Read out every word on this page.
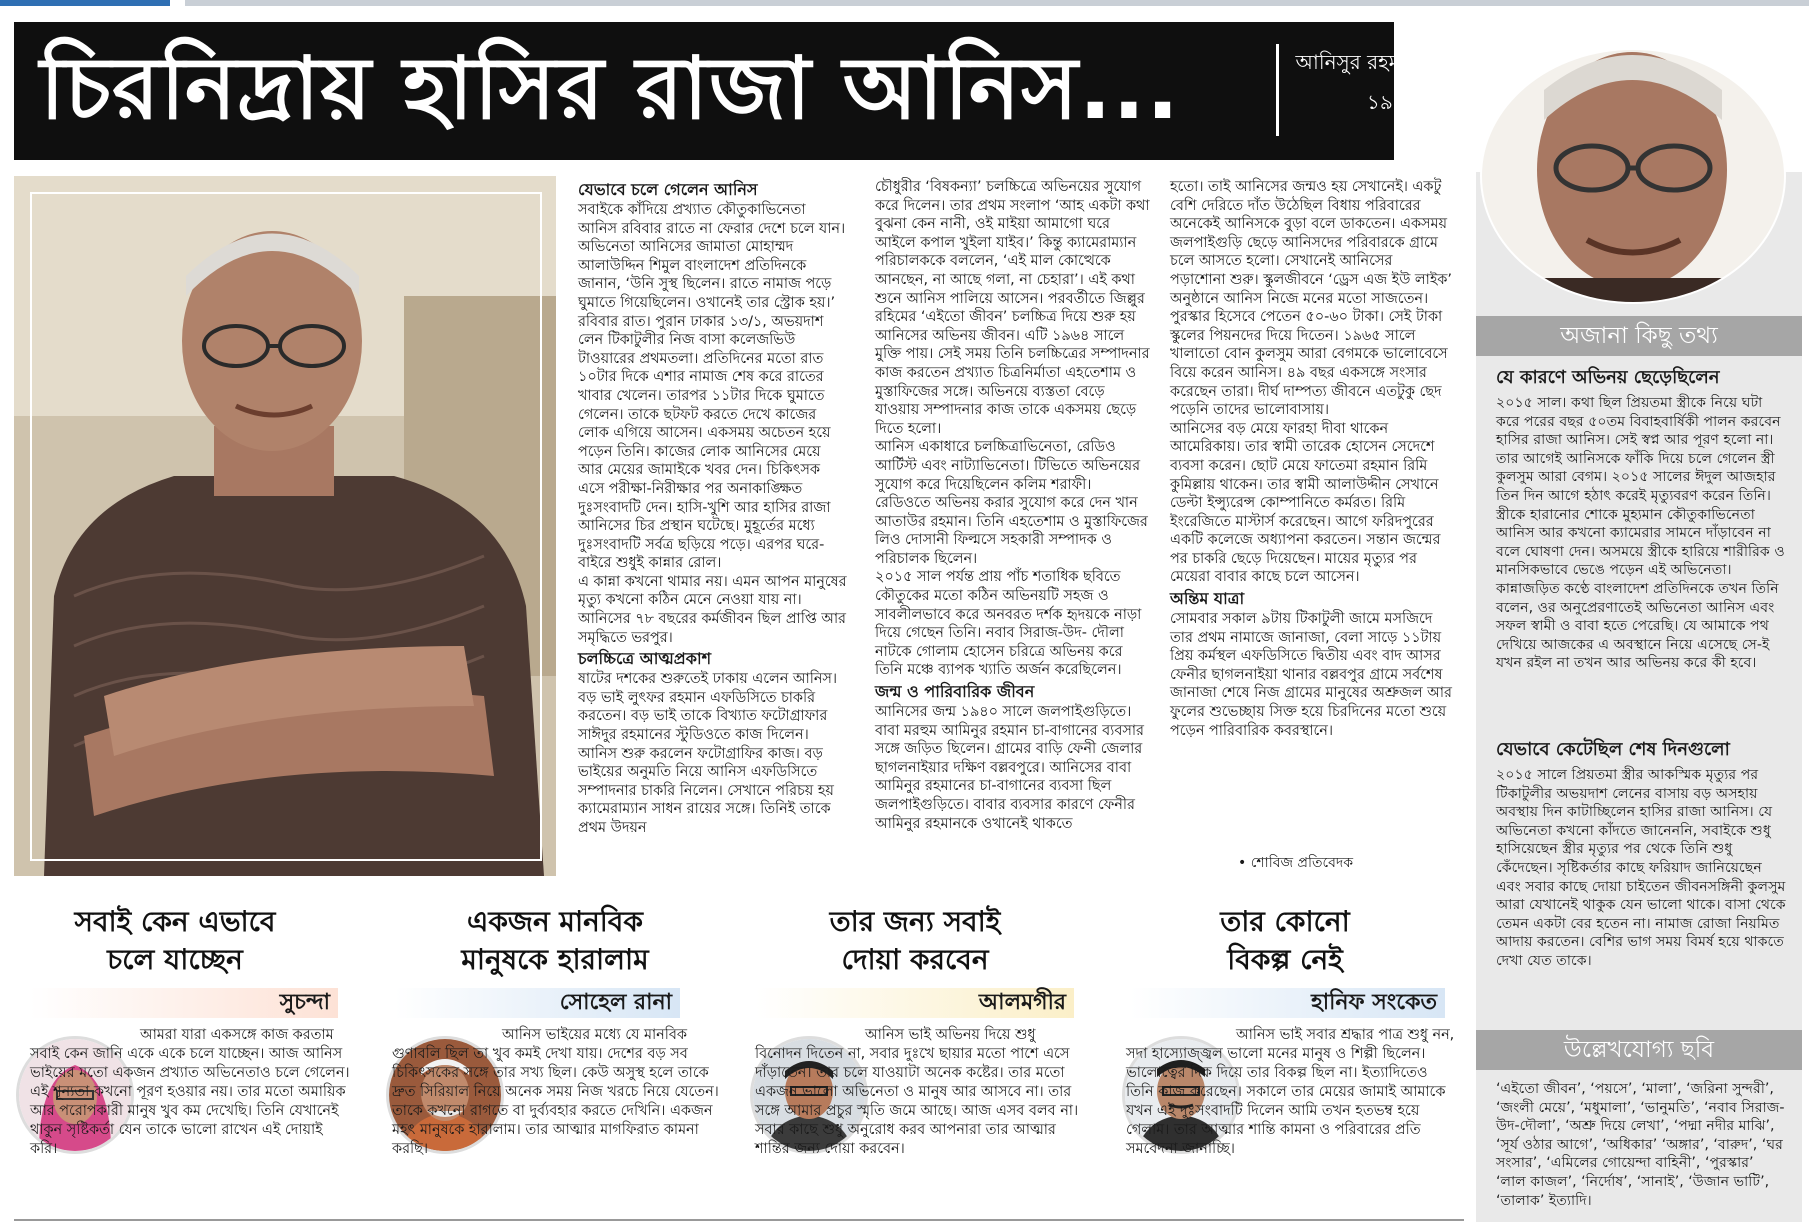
চিরনিদ্রায় হাসির রাজা আনিস...	আনিসুর রহমান আনিস
১৯৪০-২০১৯
যেভাবে চলে গেলেন আনিস

সবাইকে কাঁদিয়ে প্রখ্যাত কৌতুকাভিনেতা আনিস রবিবার রাতে না ফেরার দেশে চলে যান। অভিনেতা আনিসের জামাতা মোহাম্মদ আলাউদ্দিন শিমুল বাংলাদেশ প্রতিদিনকে জানান, ‘উনি সুস্থ ছিলেন। রাতে নামাজ পড়ে ঘুমাতে গিয়েছিলেন। ওখানেই তার স্ট্রোক হয়।’

রবিবার রাত। পুরান ঢাকার ১৩/১, অভয়দাশ লেন টিকাটুলীর নিজ বাসা কলেজভিউ টাওয়ারের প্রথমতলা। প্রতিদিনের মতো রাত ১০টার দিকে এশার নামাজ শেষ করে রাতের খাবার খেলেন। তারপর ১১টার দিকে ঘুমাতে গেলেন। তাকে ছটফট করতে দেখে কাজের লোক এগিয়ে আসেন। একসময় অচেতন হয়ে পড়েন তিনি। কাজের লোক আনিসের মেয়ে আর মেয়ের জামাইকে খবর দেন। চিকিৎসক এসে পরীক্ষা-নিরীক্ষার পর অনাকাঙ্ক্ষিত দুঃসংবাদটি দেন। হাসি-খুশি আর হাসির রাজা আনিসের চির প্রস্থান ঘটেছে। মুহূর্তের মধ্যে দুঃসংবাদটি সর্বত্র ছড়িয়ে পড়ে। এরপর ঘরে-বাইরে শুধুই কান্নার রোল।

এ কান্না কখনো থামার নয়। এমন আপন মানুষের মৃত্যু কখনো কঠিন মেনে নেওয়া যায় না। আনিসের ৭৮ বছরের কর্মজীবন ছিল প্রাপ্তি আর সমৃদ্ধিতে ভরপুর।

চলচ্চিত্রে আত্মপ্রকাশ

ষাটের দশকের শুরুতেই ঢাকায় এলেন আনিস। বড় ভাই লুৎফর রহমান এফডিসিতে চাকরি করতেন। বড় ভাই তাকে বিখ্যাত ফটোগ্রাফার সাঈদুর রহমানের স্টুডিওতে কাজ দিলেন। আনিস শুরু করলেন ফটোগ্রাফির কাজ। বড় ভাইয়ের অনুমতি নিয়ে আনিস এফডিসিতে সম্পাদনার চাকরি নিলেন। সেখানে পরিচয় হয় ক্যামেরাম্যান সাধন রায়ের সঙ্গে। তিনিই তাকে প্রথম উদয়ন

চৌধুরীর ‘বিষকন্যা’ চলচ্চিত্রে অভিনয়ের সুযোগ করে দিলেন। তার প্রথম সংলাপ ‘আহ একটা কথা বুঝনা কেন নানী, ওই মাইয়া আমাগো ঘরে আইলে কপাল খুইলা যাইব।’ কিন্তু ক্যামেরাম্যান পরিচালককে বললেন, ‘এই মাল কোত্থেকে আনছেন, না আছে গলা, না চেহারা’। এই কথা শুনে আনিস পালিয়ে আসেন। পরবর্তীতে জিল্লুর রহিমের ‘এইতো জীবন’ চলচ্চিত্র দিয়ে শুরু হয় আনিসের অভিনয় জীবন। এটি ১৯৬৪ সালে মুক্তি পায়। সেই সময় তিনি চলচ্চিত্রের সম্পাদনার কাজ করতেন প্রখ্যাত চিত্রনির্মাতা এহতেশাম ও মুস্তাফিজের সঙ্গে। অভিনয়ে ব্যস্ততা বেড়ে যাওয়ায় সম্পাদনার কাজ তাকে একসময় ছেড়ে দিতে হলো।

আনিস একাধারে চলচ্চিত্রাভিনেতা, রেডিও আর্টিস্ট এবং নাট্যাভিনেতা। টিভিতে অভিনয়ের সুযোগ করে দিয়েছিলেন কলিম শরাফী। রেডিওতে অভিনয় করার সুযোগ করে দেন খান আতাউর রহমান। তিনি এহতেশাম ও মুস্তাফিজের লিও দোসানী ফিল্মসে সহকারী সম্পাদক ও পরিচালক ছিলেন।

২০১৫ সাল পর্যন্ত প্রায় পাঁচ শতাধিক ছবিতে কৌতুকের মতো কঠিন অভিনয়টি সহজ ও সাবলীলভাবে করে অনবরত দর্শক হৃদয়কে নাড়া দিয়ে গেছেন তিনি। নবাব সিরাজ-উদ- দৌলা নাটকে গোলাম হোসেন চরিত্রে অভিনয় করে তিনি মঞ্চে ব্যাপক খ্যাতি অর্জন করেছিলেন।

জন্ম ও পারিবারিক জীবন

আনিসের জন্ম ১৯৪০ সালে জলপাইগুড়িতে। বাবা মরহুম আমিনুর রহমান চা-বাগানের ব্যবসার সঙ্গে জড়িত ছিলেন। গ্রামের বাড়ি ফেনী জেলার ছাগলনাইয়ার দক্ষিণ বল্লবপুরে। আনিসের বাবা আমিনুর রহমানের চা-বাগানের ব্যবসা ছিল জলপাইগুড়িতে। বাবার ব্যবসার কারণে ফেনীর আমিনুর রহমানকে ওখানেই থাকতে

হতো। তাই আনিসের জন্মও হয় সেখানেই। একটু বেশি দেরিতে দাঁত উঠেছিল বিধায় পরিবারের অনেকেই আনিসকে বুড়া বলে ডাকতেন। একসময় জলপাইগুড়ি ছেড়ে আনিসদের পরিবারকে গ্রামে চলে আসতে হলো। সেখানেই আনিসের পড়াশোনা শুরু। স্কুলজীবনে ‘ড্রেস এজ ইউ লাইক’ অনুষ্ঠানে আনিস নিজে মনের মতো সাজতেন। পুরস্কার হিসেবে পেতেন ৫০-৬০ টাকা। সেই টাকা স্কুলের পিয়নদের দিয়ে দিতেন। ১৯৬৫ সালে খালাতো বোন কুলসুম আরা বেগমকে ভালোবেসে বিয়ে করেন আনিস। ৪৯ বছর একসঙ্গে সংসার করেছেন তারা। দীর্ঘ দাম্পত্য জীবনে এতটুকু ছেদ পড়েনি তাদের ভালোবাসায়।

আনিসের বড় মেয়ে ফারহা দীবা থাকেন আমেরিকায়। তার স্বামী তারেক হোসেন সেদেশে ব্যবসা করেন। ছোট মেয়ে ফাতেমা রহমান রিমি কুমিল্লায় থাকেন। তার স্বামী আলাউদ্দীন সেখানে ডেল্টা ইন্স্যুরেন্স কোম্পানিতে কর্মরত। রিমি ইংরেজিতে মাস্টার্স করেছেন। আগে ফরিদপুরের একটি কলেজে অধ্যাপনা করতেন। সন্তান জন্মের পর চাকরি ছেড়ে দিয়েছেন। মায়ের মৃত্যুর পর মেয়েরা বাবার কাছে চলে আসেন।

অন্তিম যাত্রা

সোমবার সকাল ৯টায় টিকাটুলী জামে মসজিদে তার প্রথম নামাজে জানাজা, বেলা সাড়ে ১১টায় প্রিয় কর্মস্থল এফডিসিতে দ্বিতীয় এবং বাদ আসর ফেনীর ছাগলনাইয়া থানার বল্লবপুর গ্রামে সর্বশেষ জানাজা শেষে নিজ গ্রামের মানুষের অশ্রুজল আর ফুলের শুভেচ্ছায় সিক্ত হয়ে চিরদিনের মতো শুয়ে পড়েন পারিবারিক কবরস্থানে।

• শোবিজ প্রতিবেদক
অজানা কিছু তথ্য
যে কারণে অভিনয় ছেড়েছিলেন

২০১৫ সাল। কথা ছিল প্রিয়তমা স্ত্রীকে নিয়ে ঘটা করে পরের বছর ৫০তম বিবাহবার্ষিকী পালন করবেন হাসির রাজা আনিস। সেই স্বপ্ন আর পূরণ হলো না। তার আগেই আনিসকে ফাঁকি দিয়ে চলে গেলেন স্ত্রী কুলসুম আরা বেগম। ২০১৫ সালের ঈদুল আজহার তিন দিন আগে হঠাৎ করেই মৃত্যুবরণ করেন তিনি। স্ত্রীকে হারানোর শোকে মুহ্যমান কৌতুকাভিনেতা আনিস আর কখনো ক্যামেরার সামনে দাঁড়াবেন না বলে ঘোষণা দেন। অসময়ে স্ত্রীকে হারিয়ে শারীরিক ও মানসিকভাবে ভেঙে পড়েন এই অভিনেতা। কান্নাজড়িত কণ্ঠে বাংলাদেশ প্রতিদিনকে তখন তিনি বলেন, ওর অনুপ্রেরণাতেই অভিনেতা আনিস এবং সফল স্বামী ও বাবা হতে পেরেছি। যে আমাকে পথ দেখিয়ে আজকের এ অবস্থানে নিয়ে এসেছে সে-ই যখন রইল না তখন আর অভিনয় করে কী হবে।

যেভাবে কেটেছিল শেষ দিনগুলো

২০১৫ সালে প্রিয়তমা স্ত্রীর আকস্মিক মৃত্যুর পর টিকাটুলীর অভয়দাশ লেনের বাসায় বড় অসহায় অবস্থায় দিন কাটাচ্ছিলেন হাসির রাজা আনিস। যে অভিনেতা কখনো কাঁদতে জানেননি, সবাইকে শুধু হাসিয়েছেন স্ত্রীর মৃত্যুর পর থেকে তিনি শুধু কেঁদেছেন। সৃষ্টিকর্তার কাছে ফরিয়াদ জানিয়েছেন এবং সবার কাছে দোয়া চাইতেন জীবনসঙ্গিনী কুলসুম আরা যেখানেই থাকুক যেন ভালো থাকে। বাসা থেকে তেমন একটা বের হতেন না। নামাজ রোজা নিয়মিত আদায় করতেন। বেশির ভাগ সময় বিমর্ষ হয়ে থাকতে দেখা যেত তাকে।

উল্লেখযোগ্য ছবি

‘এইতো জীবন’, ‘পয়সে’, ‘মালা’, ‘জরিনা সুন্দরী’, ‘জংলী মেয়ে’, ‘মধুমালা’, ‘ভানুমতি’, ‘নবাব সিরাজ-উদ-দৌলা’, ‘অশ্রু দিয়ে লেখা’, ‘পদ্মা নদীর মাঝি’, ‘সূর্য ওঠার আগে’, ‘অধিকার’ ‘অঙ্গার’, ‘বারুদ’, ‘ঘর সংসার’, ‘এমিলের গোয়েন্দা বাহিনী’, ‘পুরস্কার’ ‘লাল কাজল’, ‘নির্দোষ’, ‘সানাই’, ‘উজান ভাটি’, ‘তালাক’ ইত্যাদি।

সবাই কেন এভাবে
চলে যাচ্ছেন
সুচন্দা
আমরা যারা একসঙ্গে কাজ করতাম সবাই কেন জানি একে একে চলে যাচ্ছেন। আজ আনিস ভাইয়ের মতো একজন প্রখ্যাত অভিনেতাও চলে গেলেন। এই শূন্যতা কখনো পূরণ হওয়ার নয়। তার মতো অমায়িক আর পরোপকারী মানুষ খুব কম দেখেছি। তিনি যেখানেই থাকুন সৃষ্টিকর্তা যেন তাকে ভালো রাখেন এই দোয়াই করি।
একজন মানবিক
মানুষকে হারালাম
সোহেল রানা
আনিস ভাইয়ের মধ্যে যে মানবিক গুণাবলি ছিল তা খুব কমই দেখা যায়। দেশের বড় সব চিকিৎসকের সঙ্গে তার সখ্য ছিল। কেউ অসুস্থ হলে তাকে দ্রুত সিরিয়াল নিয়ে অনেক সময় নিজ খরচে নিয়ে যেতেন। তাকে কখনো রাগতে বা দুর্ব্যবহার করতে দেখিনি। একজন মহৎ মানুষকে হারালাম। তার আত্মার মাগফিরাত কামনা করছি।
তার জন্য সবাই
দোয়া করবেন
আলমগীর
আনিস ভাই অভিনয় দিয়ে শুধু বিনোদন দিতেন না, সবার দুঃখে ছায়ার মতো পাশে এসে দাঁড়াতেন। তার চলে যাওয়াটা অনেক কষ্টের। তার মতো একজন ভালো অভিনেতা ও মানুষ আর আসবে না। তার সঙ্গে আমার প্রচুর স্মৃতি জমে আছে। আজ এসব বলব না। সবার কাছে শুধু অনুরোধ করব আপনারা তার আত্মার শান্তির জন্য দোয়া করবেন।
তার কোনো
বিকল্প নেই
হানিফ সংকেত
আনিস ভাই সবার শ্রদ্ধার পাত্র শুধু নন, সদা হাস্যোজ্জ্বল ভালো মনের মানুষ ও শিল্পী ছিলেন। ভালোত্বের দিক দিয়ে তার বিকল্প ছিল না। ইত্যাদিতেও তিনি কাজ করেছেন। সকালে তার মেয়ের জামাই আমাকে যখন এই দুঃসংবাদটি দিলেন আমি তখন হতভম্ব হয়ে গেলাম। তার আত্মার শান্তি কামনা ও পরিবারের প্রতি সমবেদনা জানাচ্ছি।
